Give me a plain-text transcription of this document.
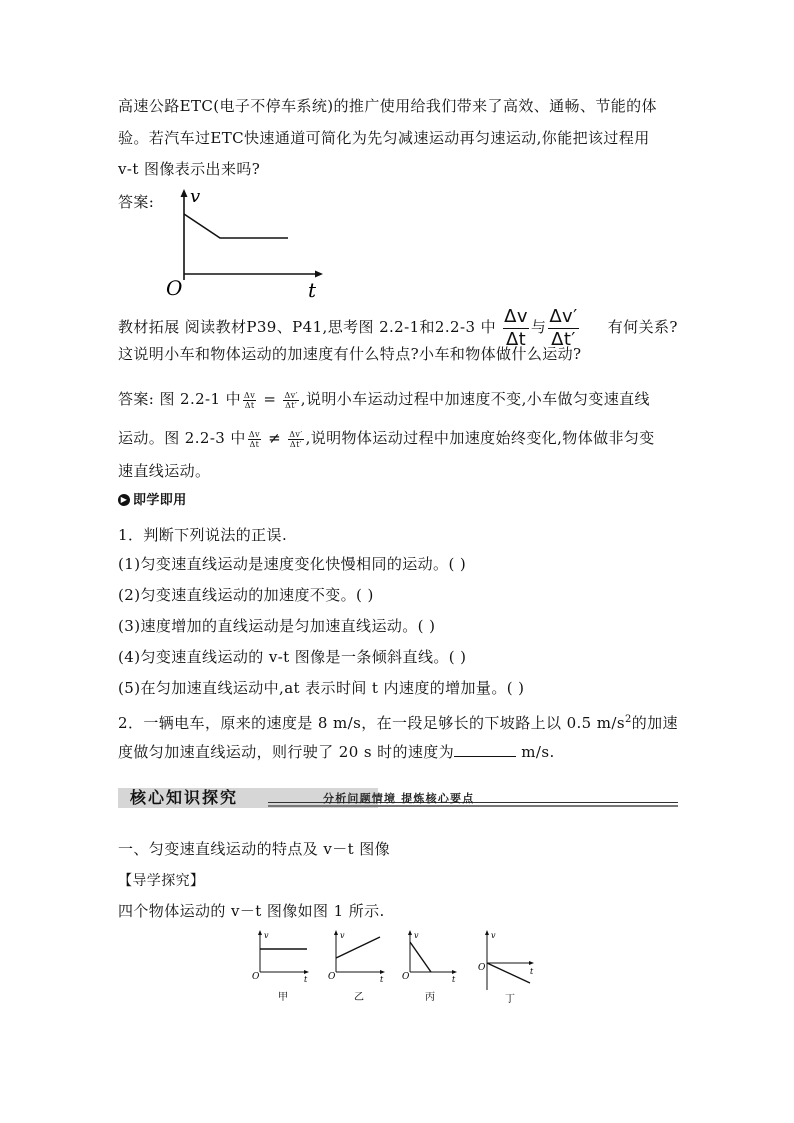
高速公路ETC(电子不停车系统)的推广使用给我们带来了高效、通畅、节能的体
验。若汽车过ETC快速通道可简化为先匀减速运动再匀速运动,你能把该过程用
v-t 图像表示出来吗?
答案: v
O	t
教材拓展 阅读教材P39、P41,思考图 2.2-1和2.2-3 中 $\frac{\Delta v}{\Delta t}$ 与 $\frac{\Delta v'}{\Delta t'}$ 有何关系?
这说明小车和物体运动的加速度有什么特点?小车和物体做什么运动?
答案: 图 2.2-1 中 $\frac{\Delta v}{\Delta t} = \frac{\Delta v'}{\Delta t'}$ ,说明小车运动过程中加速度不变,小车做匀变速直线
运动。图 2.2-3 中 $\frac{\Delta v}{\Delta t} \ne \frac{\Delta v'}{\Delta t'}$ ,说明物体运动过程中加速度始终变化,物体做非匀变
速直线运动。
▶ 即学即用
1．判断下列说法的正误.
(1)匀变速直线运动是速度变化快慢相同的运动。( )
(2)匀变速直线运动的加速度不变。( )
(3)速度增加的直线运动是匀加速直线运动。( )
(4)匀变速直线运动的 v-t 图像是一条倾斜直线。( )
(5)在匀加速直线运动中,at 表示时间 t 内速度的增加量。( )
2．一辆电车，原来的速度是 8 m/s，在一段足够长的下坡路上以 0.5 $m/s^2$的加速
度做匀加速直线运动，则行驶了 20 s 时的速度为	m/s.
核心知识探究	分析问题情境 提炼核心要点
一、匀变速直线运动的特点及 v－t 图像
【导学探究】
四个物体运动的 v－t 图像如图 1 所示.
v
O	t
甲
v
O	t
乙
v
O	t
丙
v
O	t
丁
